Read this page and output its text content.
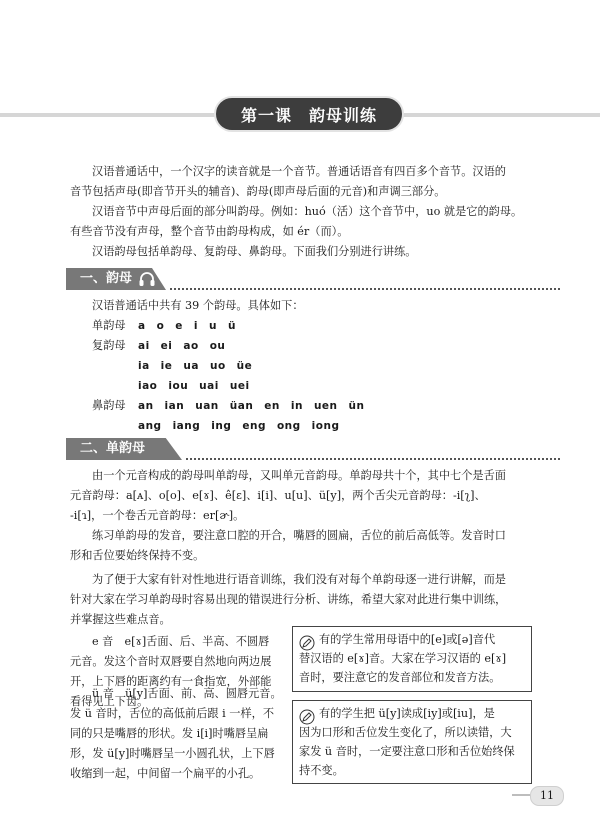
第一课　韵母训练
汉语普通话中，一个汉字的读音就是一个音节。普通话语音有四百多个音节。汉语的
音节包括声母(即音节开头的辅音)、韵母(即声母后面的元音)和声调三部分。
汉语音节中声母后面的部分叫韵母。例如：huó（活）这个音节中，uo 就是它的韵母。
有些音节没有声母，整个音节由韵母构成，如 ér（而）。
汉语韵母包括单韵母、复韵母、鼻韵母。下面我们分别进行讲练。
一、韵母
汉语普通话中共有 39 个韵母。具体如下：
单韵母 a　o　e　i　u　ü
复韵母 ai　ei　ao　ou
ia　ie　ua　uo　üe
iao　iou　uai　uei
鼻韵母 an　ian　uan　üan　en　in　uen　ün
ang　iang　ing　eng　ong　iong
二、单韵母
由一个元音构成的韵母叫单韵母，又叫单元音韵母。单韵母共十个，其中七个是舌面
元音韵母：a[ᴀ]、o[o]、e[ɤ]、ê[ɛ]、i[i]、u[u]、ü[y]，两个舌尖元音韵母：-i[ʅ]、
-i[ɿ]，一个卷舌元音韵母：er[ɚ]。
练习单韵母的发音，要注意口腔的开合，嘴唇的圆扁，舌位的前后高低等。发音时口
形和舌位要始终保持不变。
为了便于大家有针对性地进行语音训练，我们没有对每个单韵母逐一进行讲解，而是
针对大家在学习单韵母时容易出现的错误进行分析、讲练，希望大家对此进行集中训练，
并掌握这些难点音。
e 音　e[ɤ]舌面、后、半高、不圆唇
元音。发这个音时双唇要自然地向两边展
开，上下唇的距离约有一食指宽，外部能
看得见上下齿。
有的学生常用母语中的[e]或[ə]音代
替汉语的 e[ɤ]音。大家在学习汉语的 e[ɤ]
音时，要注意它的发音部位和发音方法。
ü 音　ü[y]舌面、前、高、圆唇元音。
发 ü 音时，舌位的高低前后跟 i 一样，不
同的只是嘴唇的形状。发 i[i]时嘴唇呈扁
形，发 ü[y]时嘴唇呈一小圆孔状，上下唇
收缩到一起，中间留一个扁平的小孔。
有的学生把 ü[y]读成[iy]或[iu]，是
因为口形和舌位发生变化了，所以读错，大
家发 ü 音时，一定要注意口形和舌位始终保
持不变。
11
